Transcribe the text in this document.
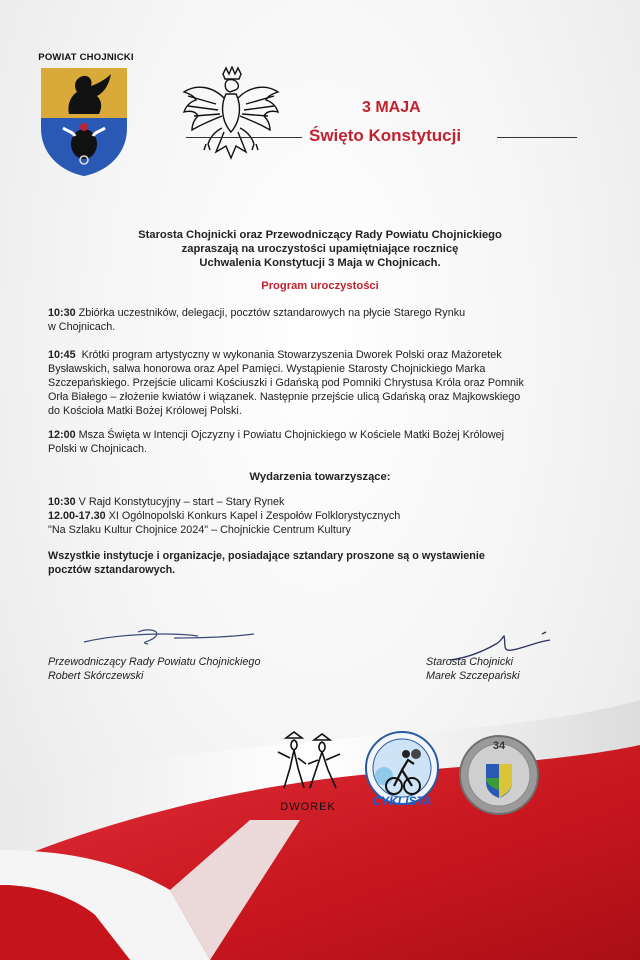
POWIAT CHOJNICKI
3 MAJA
Święto Konstytucji
Starosta Chojnicki oraz Przewodniczący Rady Powiatu Chojnickiego
zapraszają na uroczystości upamiętniające rocznicę
Uchwalenia Konstytucji 3 Maja w Chojnicach.
Program uroczystości
10:30 Zbiórka uczestników, delegacji, pocztów sztandarowych na płycie Starego Rynku
w Chojnicach.
10:45 Krótki program artystyczny w wykonania Stowarzyszenia Dworek Polski oraz Mażoretek
Bysławskich, salwa honorowa oraz Apel Pamięci. Wystąpienie Starosty Chojnickiego Marka
Szczepańskiego. Przejście ulicami Kościuszki i Gdańską pod Pomniki Chrystusa Króla oraz Pomnik
Orła Białego – złożenie kwiatów i wiązanek. Następnie przejście ulicą Gdańską oraz Majkowskiego
do Kościoła Matki Bożej Królowej Polski.
12:00 Msza Święta w Intencji Ojczyzny i Powiatu Chojnickiego w Kościele Matki Bożej Królowej
Polski w Chojnicach.
Wydarzenia towarzyszące:
10:30 V Rajd Konstytucyjny – start – Stary Rynek
12.00-17.30 XI Ogólnopolski Konkurs Kapel i Zespołów Folklorystycznych
"Na Szlaku Kultur Chojnice 2024" – Chojnickie Centrum Kultury
Wszystkie instytucje i organizacje, posiadające sztandary proszone są o wystawienie
pocztów sztandarowych.
Przewodniczący Rady Powiatu Chojnickiego
Robert Skórczewski
Starosta Chojnicki
Marek Szczepański
DWOREK
POLSKI
CYKLISTA
34
